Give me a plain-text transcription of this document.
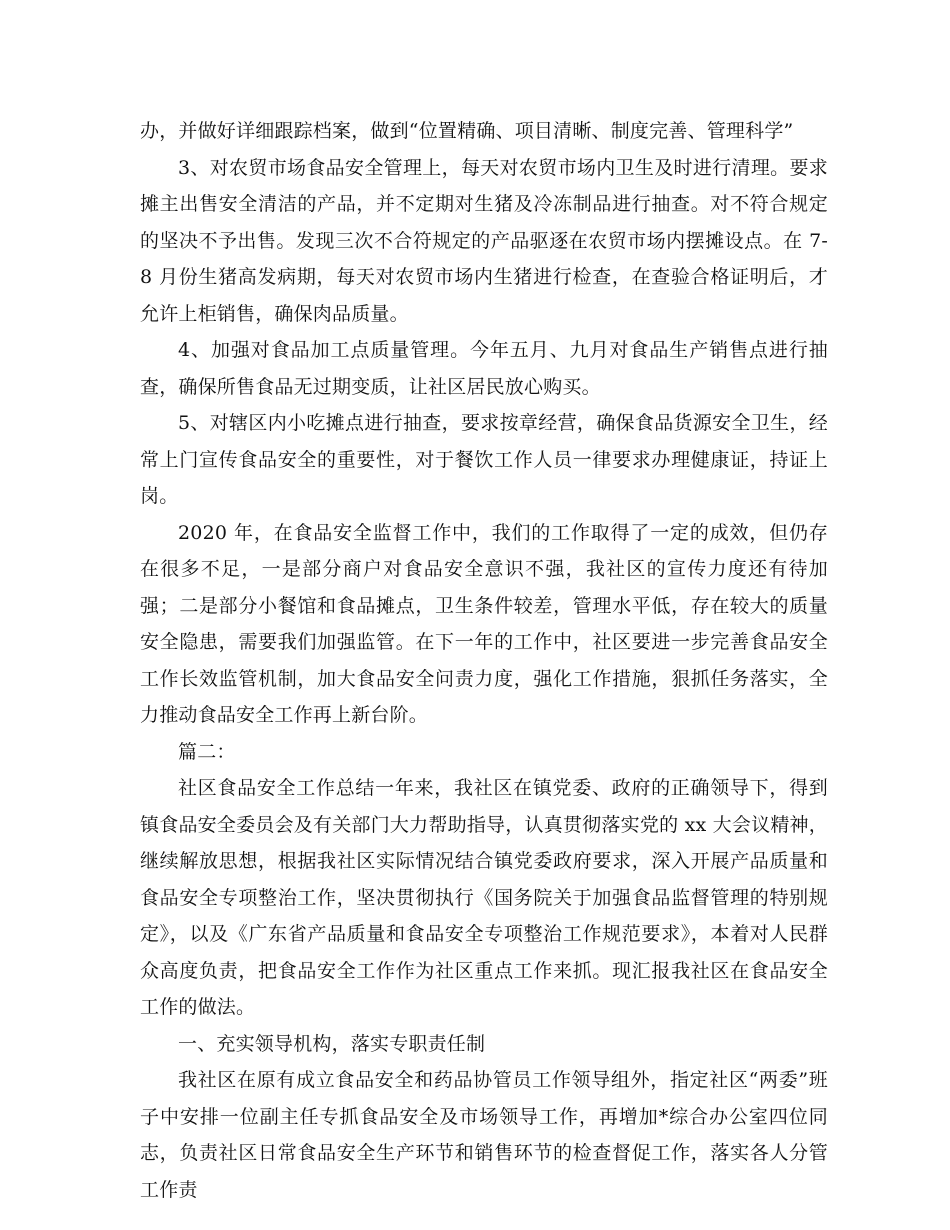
办，并做好详细跟踪档案，做到“位置精确、项目清晰、制度完善、管理科学”

3、对农贸市场食品安全管理上，每天对农贸市场内卫生及时进行清理。要求摊主出售安全清洁的产品，并不定期对生猪及冷冻制品进行抽查。对不符合规定的坚决不予出售。发现三次不合符规定的产品驱逐在农贸市场内摆摊设点。在 7-8 月份生猪高发病期，每天对农贸市场内生猪进行检查，在查验合格证明后，才允许上柜销售，确保肉品质量。

4、加强对食品加工点质量管理。今年五月、九月对食品生产销售点进行抽查，确保所售食品无过期变质，让社区居民放心购买。

5、对辖区内小吃摊点进行抽查，要求按章经营，确保食品货源安全卫生，经常上门宣传食品安全的重要性，对于餐饮工作人员一律要求办理健康证，持证上岗。

2020 年，在食品安全监督工作中，我们的工作取得了一定的成效，但仍存在很多不足，一是部分商户对食品安全意识不强，我社区的宣传力度还有待加强；二是部分小餐馆和食品摊点，卫生条件较差，管理水平低，存在较大的质量安全隐患，需要我们加强监管。在下一年的工作中，社区要进一步完善食品安全工作长效监管机制，加大食品安全问责力度，强化工作措施，狠抓任务落实，全力推动食品安全工作再上新台阶。

篇二：

社区食品安全工作总结一年来，我社区在镇党委、政府的正确领导下，得到镇食品安全委员会及有关部门大力帮助指导，认真贯彻落实党的 xx 大会议精神，继续解放思想，根据我社区实际情况结合镇党委政府要求，深入开展产品质量和食品安全专项整治工作，坚决贯彻执行《国务院关于加强食品监督管理的特别规定》，以及《广东省产品质量和食品安全专项整治工作规范要求》，本着对人民群众高度负责，把食品安全工作作为社区重点工作来抓。现汇报我社区在食品安全工作的做法。

一、充实领导机构，落实专职责任制

我社区在原有成立食品安全和药品协管员工作领导组外，指定社区“两委”班子中安排一位副主任专抓食品安全及市场领导工作，再增加*综合办公室四位同志，负责社区日常食品安全生产环节和销售环节的检查督促工作，落实各人分管工作责
